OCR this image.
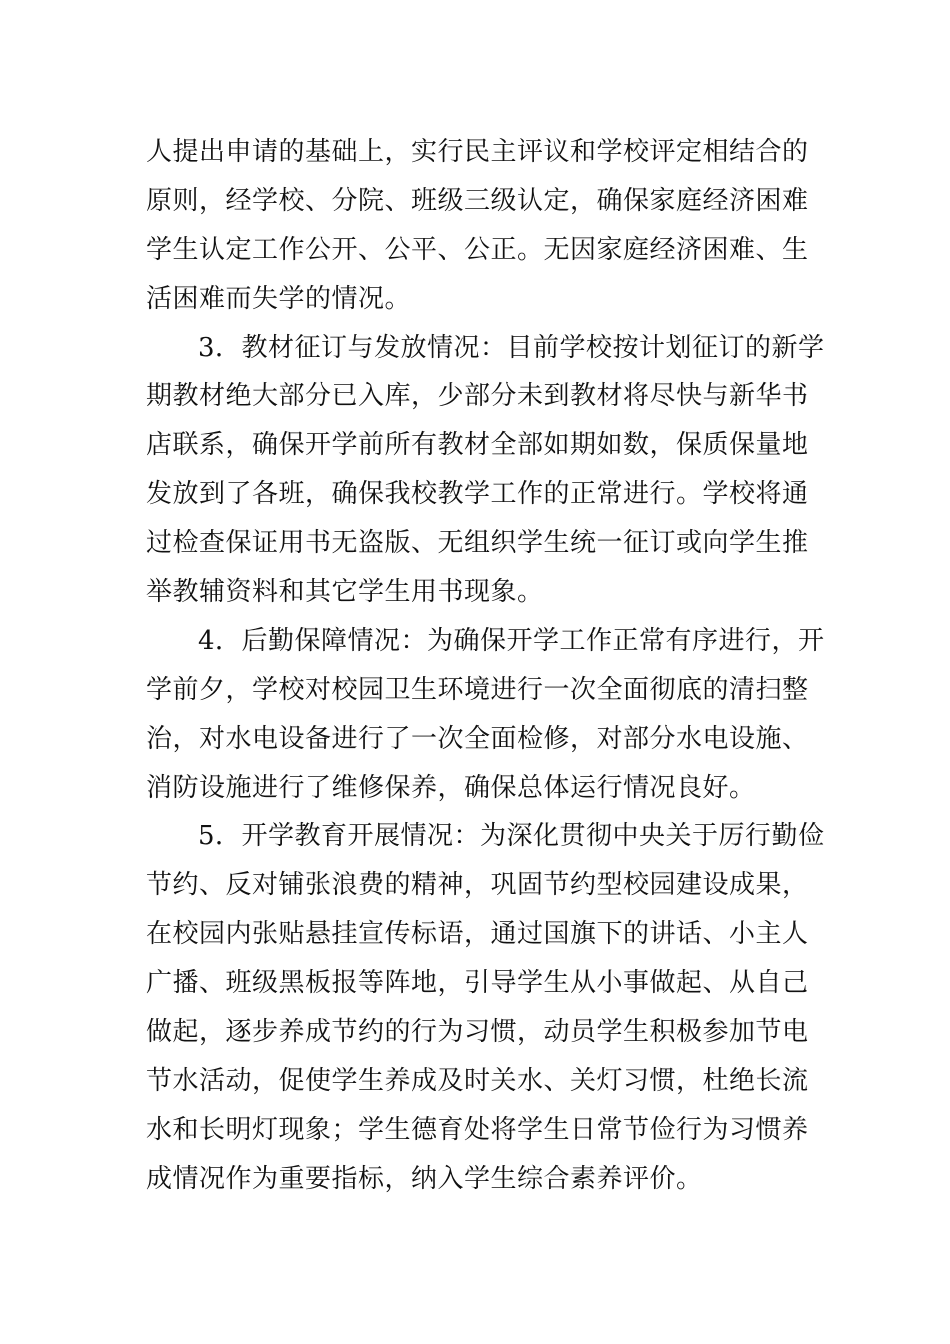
人提出申请的基础上，实行民主评议和学校评定相结合的
原则，经学校、分院、班级三级认定，确保家庭经济困难
学生认定工作公开、公平、公正。无因家庭经济困难、生
活困难而失学的情况。
3．教材征订与发放情况：目前学校按计划征订的新学
期教材绝大部分已入库，少部分未到教材将尽快与新华书
店联系，确保开学前所有教材全部如期如数，保质保量地
发放到了各班，确保我校教学工作的正常进行。学校将通
过检查保证用书无盗版、无组织学生统一征订或向学生推
举教辅资料和其它学生用书现象。
4．后勤保障情况：为确保开学工作正常有序进行，开
学前夕，学校对校园卫生环境进行一次全面彻底的清扫整
治，对水电设备进行了一次全面检修，对部分水电设施、
消防设施进行了维修保养，确保总体运行情况良好。
5．开学教育开展情况：为深化贯彻中央关于厉行勤俭
节约、反对铺张浪费的精神，巩固节约型校园建设成果，
在校园内张贴悬挂宣传标语，通过国旗下的讲话、小主人
广播、班级黑板报等阵地，引导学生从小事做起、从自己
做起，逐步养成节约的行为习惯，动员学生积极参加节电
节水活动，促使学生养成及时关水、关灯习惯，杜绝长流
水和长明灯现象；学生德育处将学生日常节俭行为习惯养
成情况作为重要指标，纳入学生综合素养评价。
